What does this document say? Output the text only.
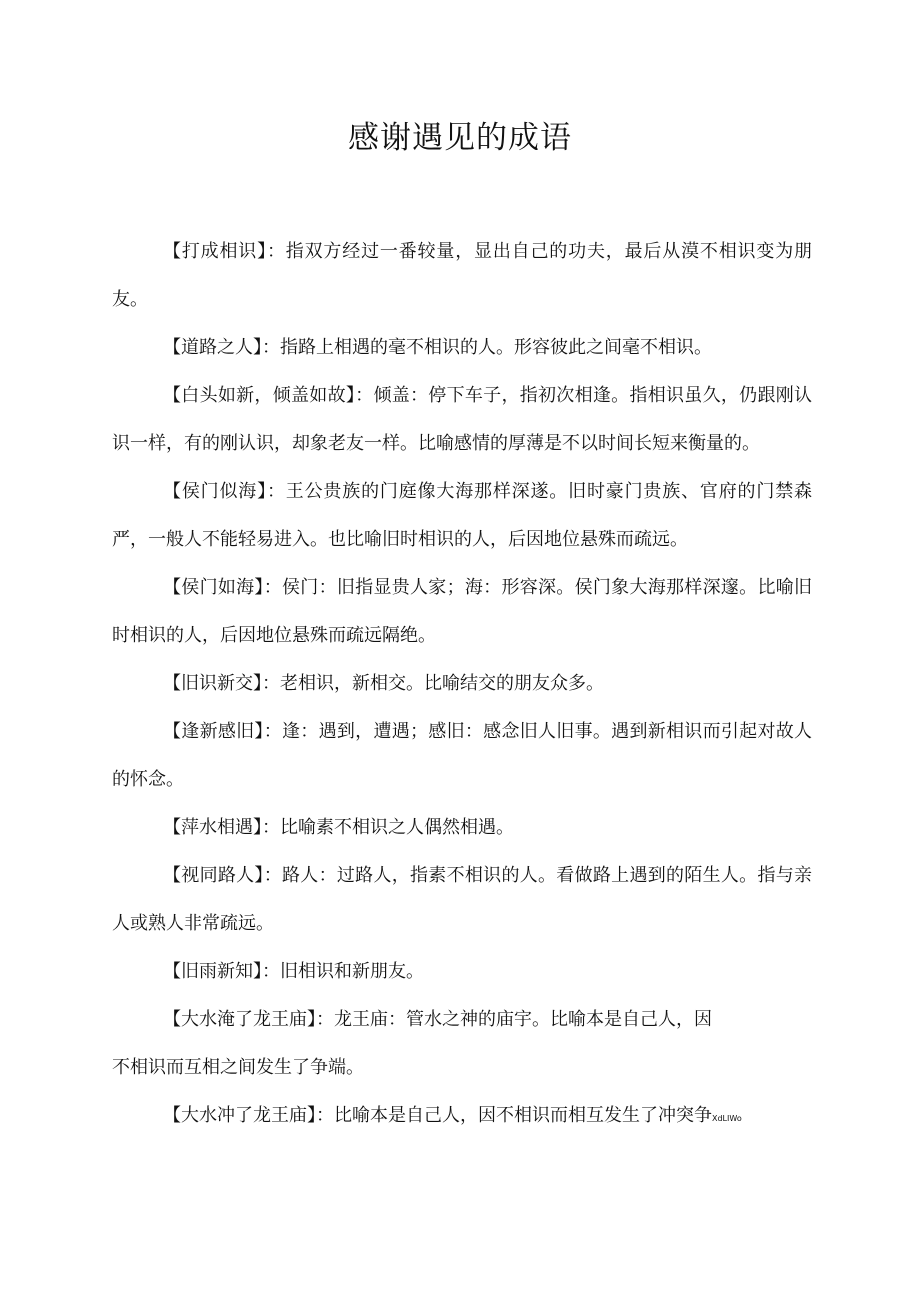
感谢遇见的成语

【打成相识】：指双方经过一番较量，显出自己的功夫，最后从漠不相识变为朋友。

【道路之人】：指路上相遇的毫不相识的人。形容彼此之间毫不相识。

【白头如新，倾盖如故】：倾盖：停下车子，指初次相逢。指相识虽久，仍跟刚认识一样，有的刚认识，却象老友一样。比喻感情的厚薄是不以时间长短来衡量的。

【侯门似海】：王公贵族的门庭像大海那样深遂。旧时豪门贵族、官府的门禁森严，一般人不能轻易进入。也比喻旧时相识的人，后因地位悬殊而疏远。

【侯门如海】：侯门：旧指显贵人家；海：形容深。侯门象大海那样深邃。比喻旧时相识的人，后因地位悬殊而疏远隔绝。

【旧识新交】：老相识，新相交。比喻结交的朋友众多。

【逢新感旧】：逢：遇到，遭遇；感旧：感念旧人旧事。遇到新相识而引起对故人的怀念。

【萍水相遇】：比喻素不相识之人偶然相遇。

【视同路人】：路人：过路人，指素不相识的人。看做路上遇到的陌生人。指与亲人或熟人非常疏远。

【旧雨新知】：旧相识和新朋友。

【大水淹了龙王庙】：龙王庙：管水之神的庙宇。比喻本是自己人，因
不相识而互相之间发生了争端。

【大水冲了龙王庙】：比喻本是自己人，因不相识而相互发生了冲突争XdLIWo
